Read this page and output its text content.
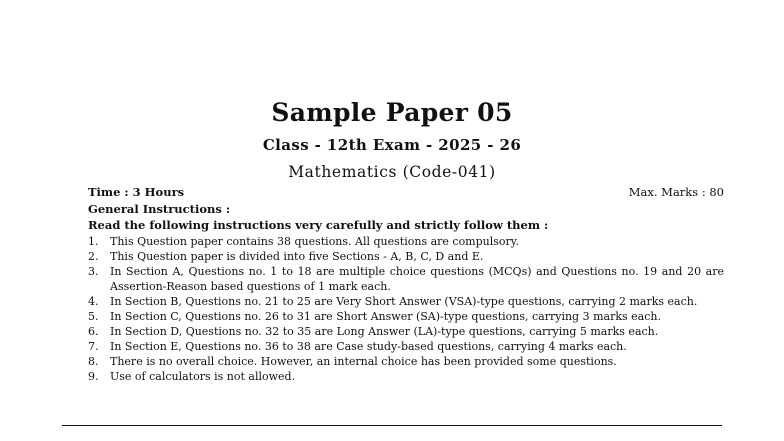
Sample Paper 05
Class - 12th Exam - 2025 - 26
Mathematics (Code-041)
Time : 3 Hours	Max. Marks : 80
General Instructions :
Read the following instructions very carefully and strictly follow them :
1.	This Question paper contains 38 questions. All questions are compulsory.
2.	This Question paper is divided into five Sections - A, B, C, D and E.
3.	In Section A, Questions no. 1 to 18 are multiple choice questions (MCQs) and Questions no. 19 and 20 are Assertion-Reason based questions of 1 mark each.
4.	In Section B, Questions no. 21 to 25 are Very Short Answer (VSA)-type questions, carrying 2 marks each.
5.	In Section C, Questions no. 26 to 31 are Short Answer (SA)-type questions, carrying 3 marks each.
6.	In Section D, Questions no. 32 to 35 are Long Answer (LA)-type questions, carrying 5 marks each.
7.	In Section E, Questions no. 36 to 38 are Case study-based questions, carrying 4 marks each.
8.	There is no overall choice. However, an internal choice has been provided some questions.
9.	Use of calculators is not allowed.
